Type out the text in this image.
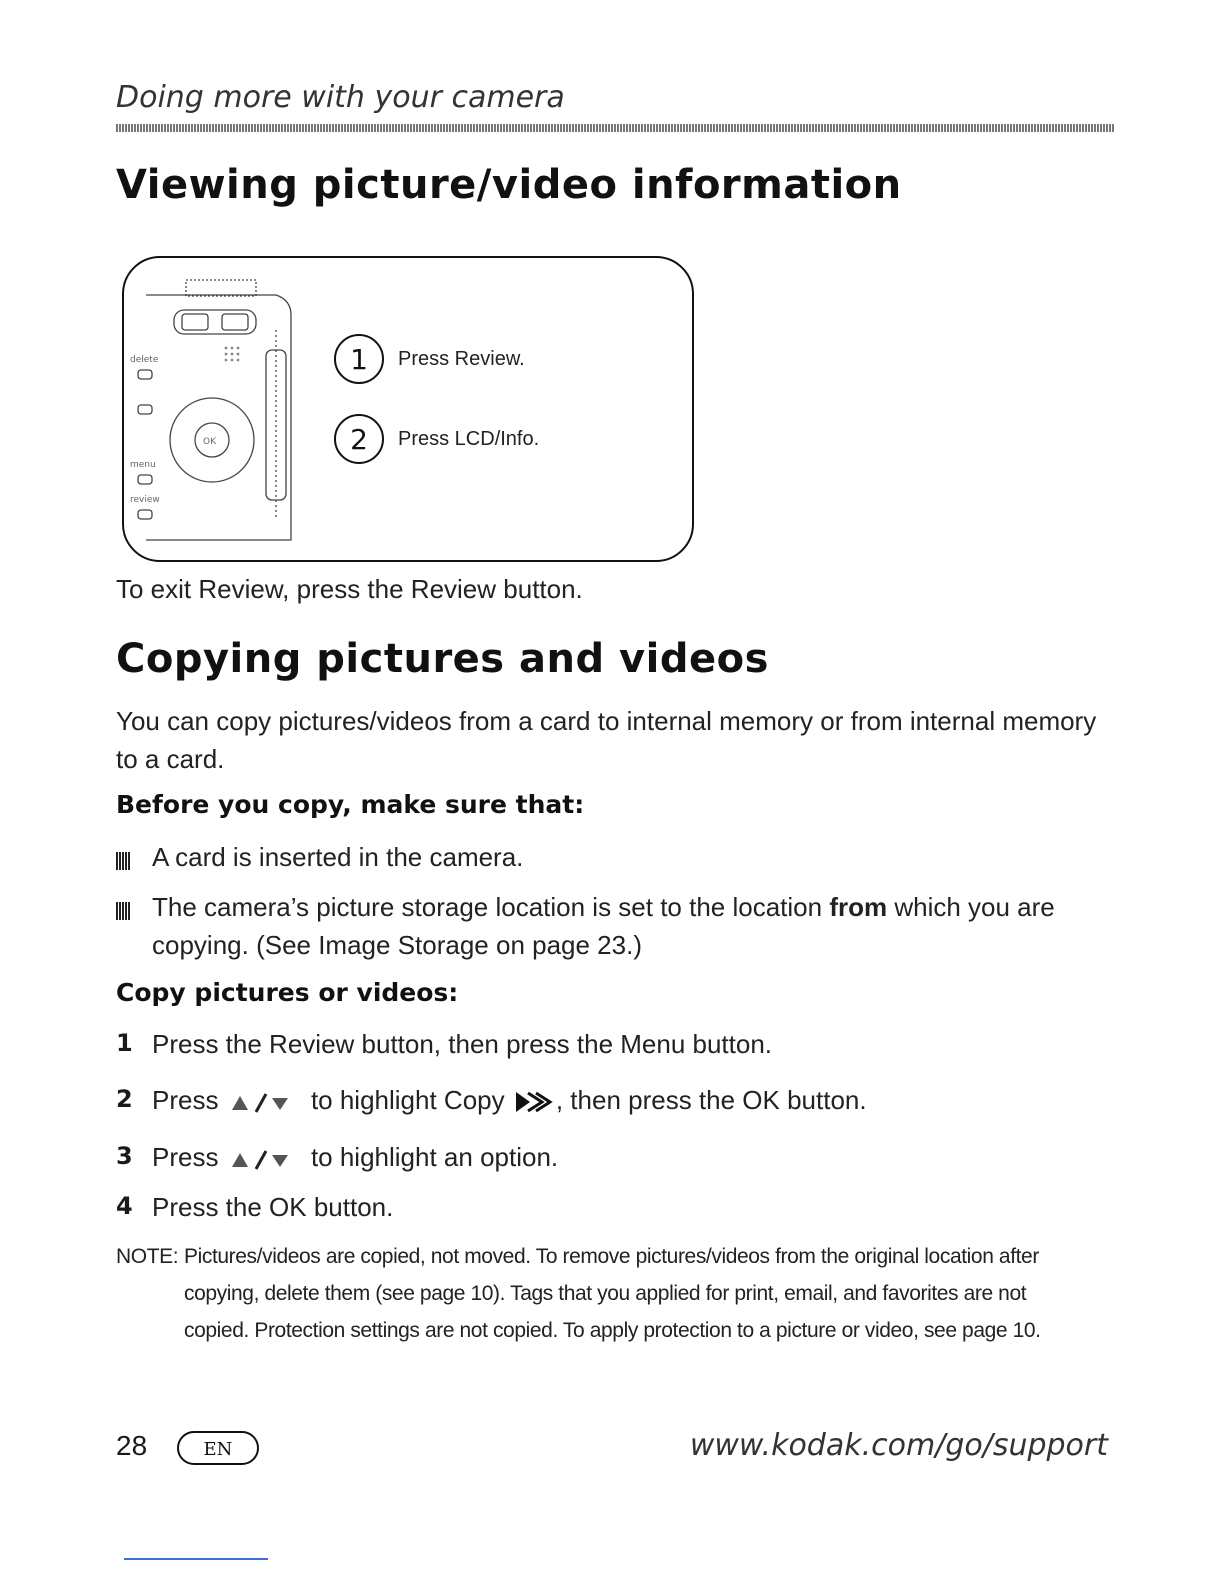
Doing more with your camera
Viewing picture/video information
delete
menu
review
OK
1	Press Review.
2	Press LCD/Info.
To exit Review, press the Review button.
Copying pictures and videos
You can copy pictures/videos from a card to internal memory or from internal memory
to a card.
Before you copy, make sure that:
A card is inserted in the camera.
The camera’s picture storage location is set to the location from which you are
copying. (See Image Storage on page 23.)
Copy pictures or videos:
1 Press the Review button, then press the Menu button.
2 Press	to highlight Copy , then press the OK button.
3 Press	to highlight an option.
4 Press the OK button.
NOTE: Pictures/videos are copied, not moved. To remove pictures/videos from the original location after
copying, delete them (see page 10). Tags that you applied for print, email, and favorites are not
copied. Protection settings are not copied. To apply protection to a picture or video, see page 10.
28	EN	www.kodak.com/go/support
